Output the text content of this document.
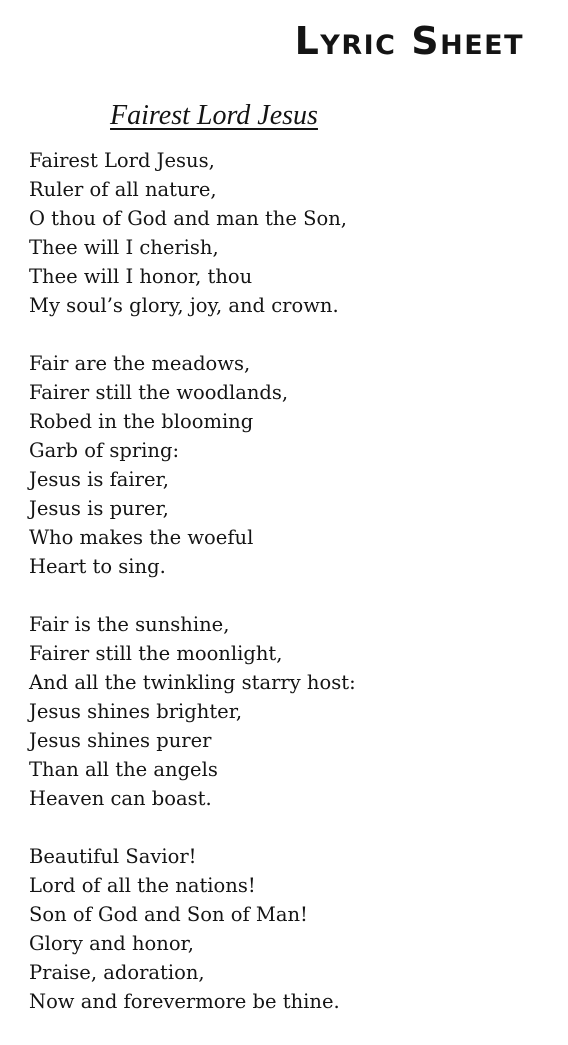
Lyric Sheet
Fairest Lord Jesus
Fairest Lord Jesus,
Ruler of all nature,
O thou of God and man the Son,
Thee will I cherish,
Thee will I honor, thou
My soul’s glory, joy, and crown.
Fair are the meadows,
Fairer still the woodlands,
Robed in the blooming
Garb of spring:
Jesus is fairer,
Jesus is purer,
Who makes the woeful
Heart to sing.
Fair is the sunshine,
Fairer still the moonlight,
And all the twinkling starry host:
Jesus shines brighter,
Jesus shines purer
Than all the angels
Heaven can boast.
Beautiful Savior!
Lord of all the nations!
Son of God and Son of Man!
Glory and honor,
Praise, adoration,
Now and forevermore be thine.
